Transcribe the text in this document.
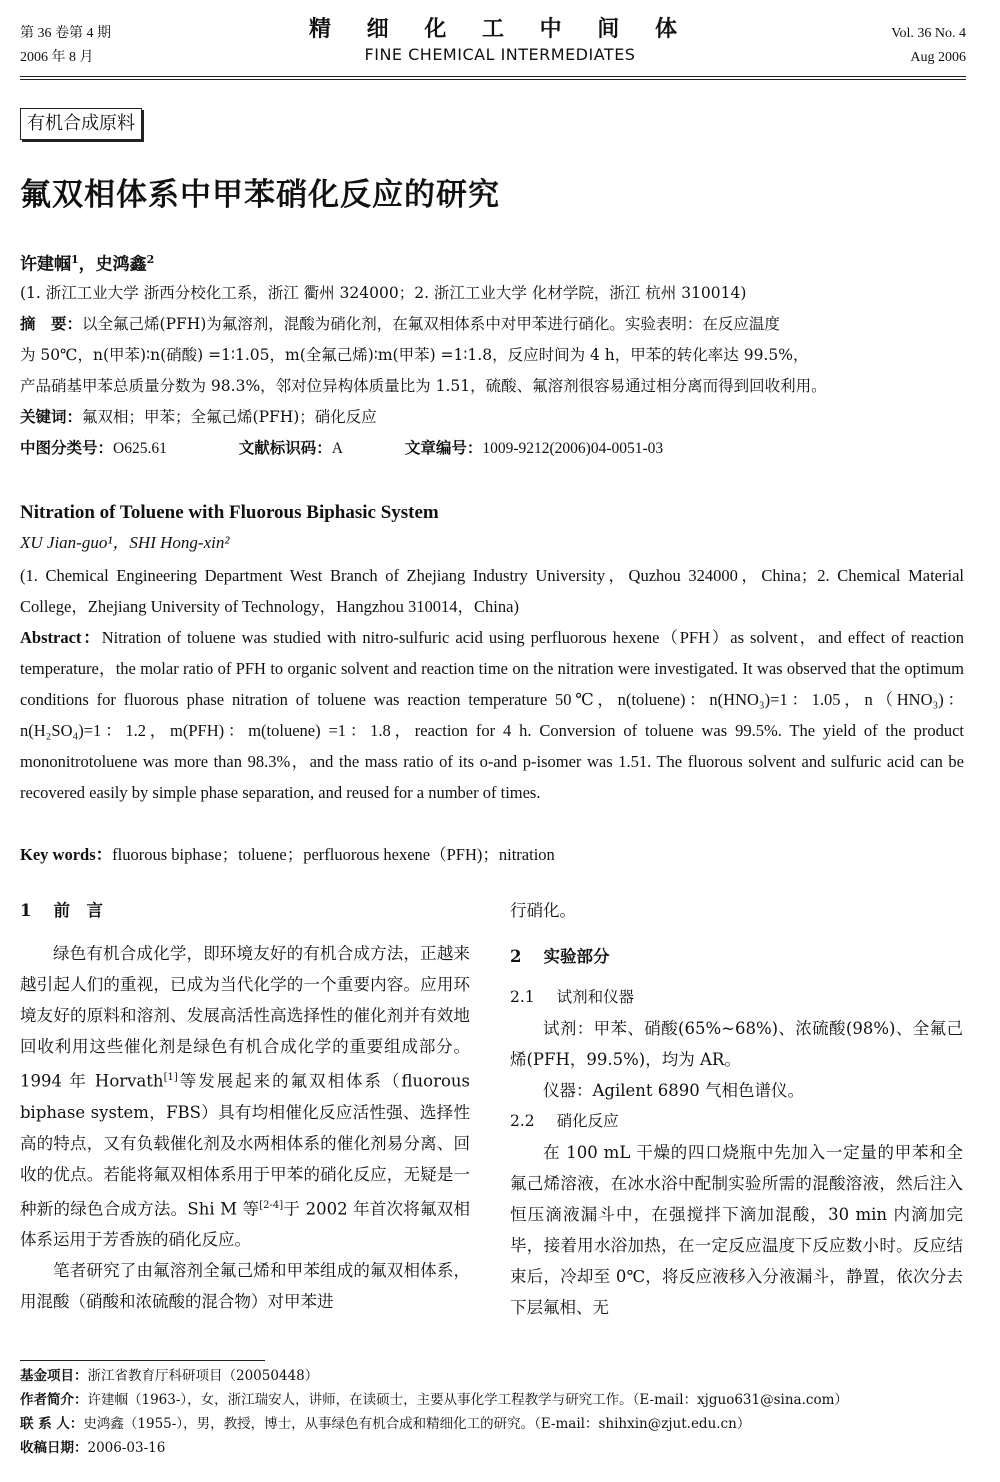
第 36 卷第 4 期
2006 年 8 月
精 细 化 工 中 间 体
FINE CHEMICAL INTERMEDIATES
Vol. 36 No. 4
Aug 2006
有机合成原料
氟双相体系中甲苯硝化反应的研究
许建帼$^1$，史鸿鑫$^2$
(1. 浙江工业大学 浙西分校化工系，浙江 衢州 324000；2. 浙江工业大学 化材学院，浙江 杭州 310014)
摘　要：以全氟己烯(PFH)为氟溶剂，混酸为硝化剂，在氟双相体系中对甲苯进行硝化。实验表明：在反应温度
为 50℃，n(甲苯)∶n(硝酸) =1∶1.05，m(全氟己烯)∶m(甲苯) =1∶1.8，反应时间为 4 h，甲苯的转化率达 99.5%，
产品硝基甲苯总质量分数为 98.3%，邻对位异构体质量比为 1.51，硫酸、氟溶剂很容易通过相分离而得到回收利用。
关键词：氟双相；甲苯；全氟己烯(PFH)；硝化反应
中图分类号：O625.61	文献标识码：A	文章编号：1009-9212(2006)04-0051-03
Nitration of Toluene with Fluorous Biphasic System
XU Jian-guo¹，SHI Hong-xin²
(1. Chemical Engineering Department West Branch of Zhejiang Industry University，Quzhou 324000，China；2. Chemical Material College，Zhejiang University of Technology，Hangzhou 310014，China)
Abstract：Nitration of toluene was studied with nitro-sulfuric acid using perfluorous hexene（PFH）as solvent，and effect of reaction temperature，the molar ratio of PFH to organic solvent and reaction time on the nitration were investigated. It was observed that the optimum conditions for fluorous phase nitration of toluene was reaction temperature 50℃，n(toluene)：n(HNO₃)=1：1.05，n（HNO₃)：n(H₂SO₄)=1：1.2，m(PFH)：m(toluene) =1：1.8，reaction for 4 h. Conversion of toluene was 99.5%. The yield of the product mononitrotoluene was more than 98.3%，and the mass ratio of its o-and p-isomer was 1.51. The fluorous solvent and sulfuric acid can be recovered easily by simple phase separation, and reused for a number of times.
Key words：fluorous biphase；toluene；perfluorous hexene（PFH)；nitration

1 前　言

绿色有机合成化学，即环境友好的有机合成方法，正越来越引起人们的重视，已成为当代化学的一个重要内容。应用环境友好的原料和溶剂、发展高活性高选择性的催化剂并有效地回收利用这些催化剂是绿色有机合成化学的重要组成部分。1994 年 Horvath[1]等发展起来的氟双相体系（fluorous biphase system，FBS）具有均相催化反应活性强、选择性高的特点，又有负载催化剂及水两相体系的催化剂易分离、回收的优点。若能将氟双相体系用于甲苯的硝化反应，无疑是一种新的绿色合成方法。Shi M 等[2-4]于 2002 年首次将氟双相体系运用于芳香族的硝化反应。

笔者研究了由氟溶剂全氟己烯和甲苯组成的氟双相体系，用混酸（硝酸和浓硫酸的混合物）对甲苯进

行硝化。

2 实验部分

2.1 试剂和仪器

试剂：甲苯、硝酸(65%~68%)、浓硫酸(98%)、全氟己烯(PFH，99.5%)，均为 AR。

仪器：Agilent 6890 气相色谱仪。

2.2 硝化反应

在 100 mL 干燥的四口烧瓶中先加入一定量的甲苯和全氟己烯溶液，在冰水浴中配制实验所需的混酸溶液，然后注入恒压滴液漏斗中，在强搅拌下滴加混酸，30 min 内滴加完毕，接着用水浴加热，在一定反应温度下反应数小时。反应结束后，冷却至 0℃，将反应液移入分液漏斗，静置，依次分去下层氟相、无

基金项目：浙江省教育厅科研项目（20050448）
作者简介：许建帼（1963-），女，浙江瑞安人，讲师，在读硕士，主要从事化学工程教学与研究工作。（E-mail：xjguo631@sina.com）
联 系 人：史鸿鑫（1955-），男，教授，博士，从事绿色有机合成和精细化工的研究。（E-mail：shihxin@zjut.edu.cn）
收稿日期：2006-03-16
